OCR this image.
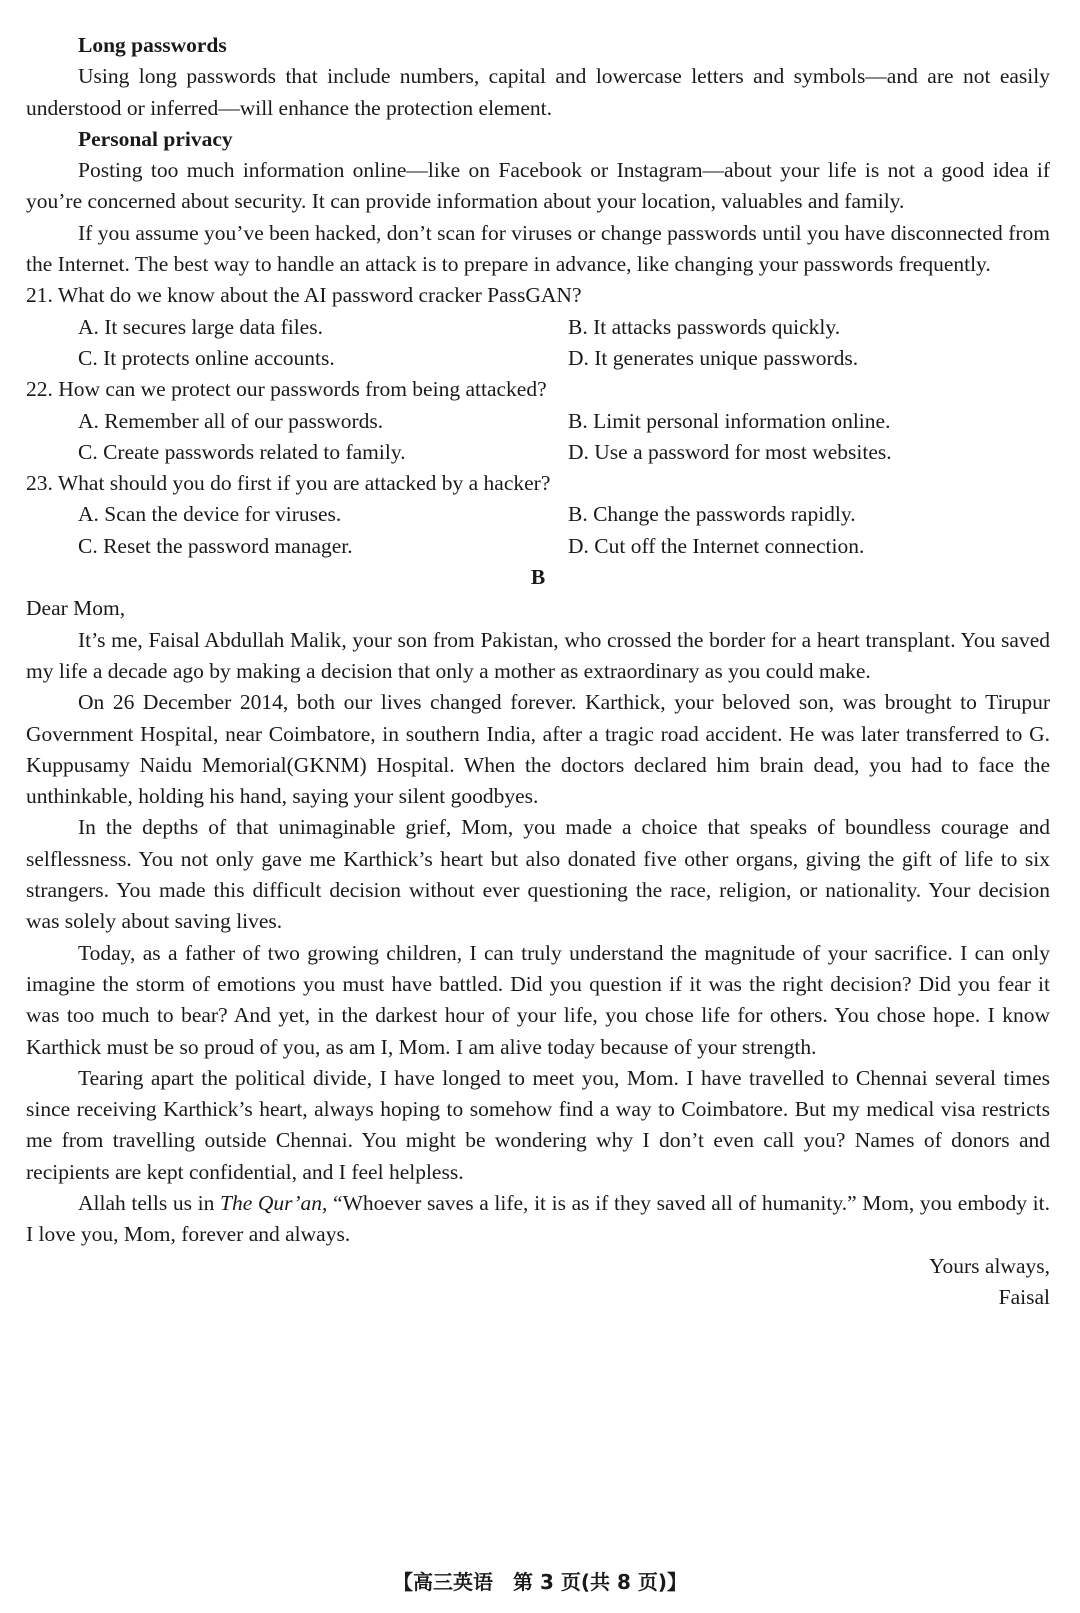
Long passwords

Using long passwords that include numbers, capital and lowercase letters and symbols—and are not easily understood or inferred—will enhance the protection element.

Personal privacy

Posting too much information online—like on Facebook or Instagram—about your life is not a good idea if you’re concerned about security. It can provide information about your location, valuables and family.

If you assume you’ve been hacked, don’t scan for viruses or change passwords until you have disconnected from the Internet. The best way to handle an attack is to prepare in advance, like changing your passwords frequently.

21. What do we know about the AI password cracker PassGAN?

A. It secures large data files.	B. It attacks passwords quickly.
C. It protects online accounts.	D. It generates unique passwords.

22. How can we protect our passwords from being attacked?

A. Remember all of our passwords.	B. Limit personal information online.
C. Create passwords related to family.	D. Use a password for most websites.

23. What should you do first if you are attacked by a hacker?

A. Scan the device for viruses.	B. Change the passwords rapidly.
C. Reset the password manager.	D. Cut off the Internet connection.
B
Dear Mom,

It’s me, Faisal Abdullah Malik, your son from Pakistan, who crossed the border for a heart transplant. You saved my life a decade ago by making a decision that only a mother as extraordinary as you could make.

On 26 December 2014, both our lives changed forever. Karthick, your beloved son, was brought to Tirupur Government Hospital, near Coimbatore, in southern India, after a tragic road accident. He was later transferred to G. Kuppusamy Naidu Memorial(GKNM) Hospital. When the doctors declared him brain dead, you had to face the unthinkable, holding his hand, saying your silent goodbyes.

In the depths of that unimaginable grief, Mom, you made a choice that speaks of boundless courage and selflessness. You not only gave me Karthick’s heart but also donated five other organs, giving the gift of life to six strangers. You made this difficult decision without ever questioning the race, religion, or nationality. Your decision was solely about saving lives.

Today, as a father of two growing children, I can truly understand the magnitude of your sacrifice. I can only imagine the storm of emotions you must have battled. Did you question if it was the right decision? Did you fear it was too much to bear? And yet, in the darkest hour of your life, you chose life for others. You chose hope. I know Karthick must be so proud of you, as am I, Mom. I am alive today because of your strength.

Tearing apart the political divide, I have longed to meet you, Mom. I have travelled to Chennai several times since receiving Karthick’s heart, always hoping to somehow find a way to Coimbatore. But my medical visa restricts me from travelling outside Chennai. You might be wondering why I don’t even call you? Names of donors and recipients are kept confidential, and I feel helpless.

Allah tells us in The Qur’an, “Whoever saves a life, it is as if they saved all of humanity.” Mom, you embody it. I love you, Mom, forever and always.

Yours always,
Faisal
【高三英语　第 3 页(共 8 页)】
